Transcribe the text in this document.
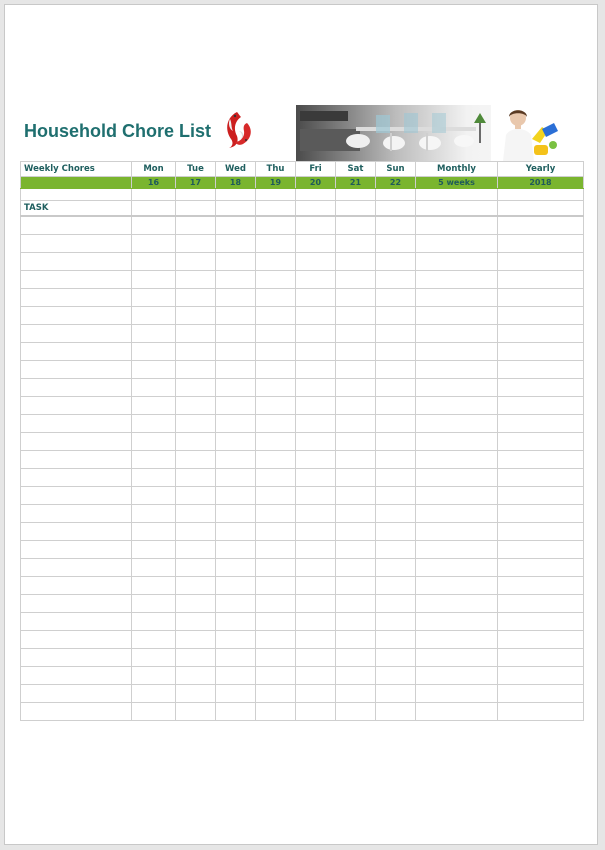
Household Chore List
Weekly Chores	Mon	Tue	Wed	Thu	Fri	Sat	Sun	Monthly	Yearly
	16	17	18	19	20	21	22	5 weeks	2018

TASK									
